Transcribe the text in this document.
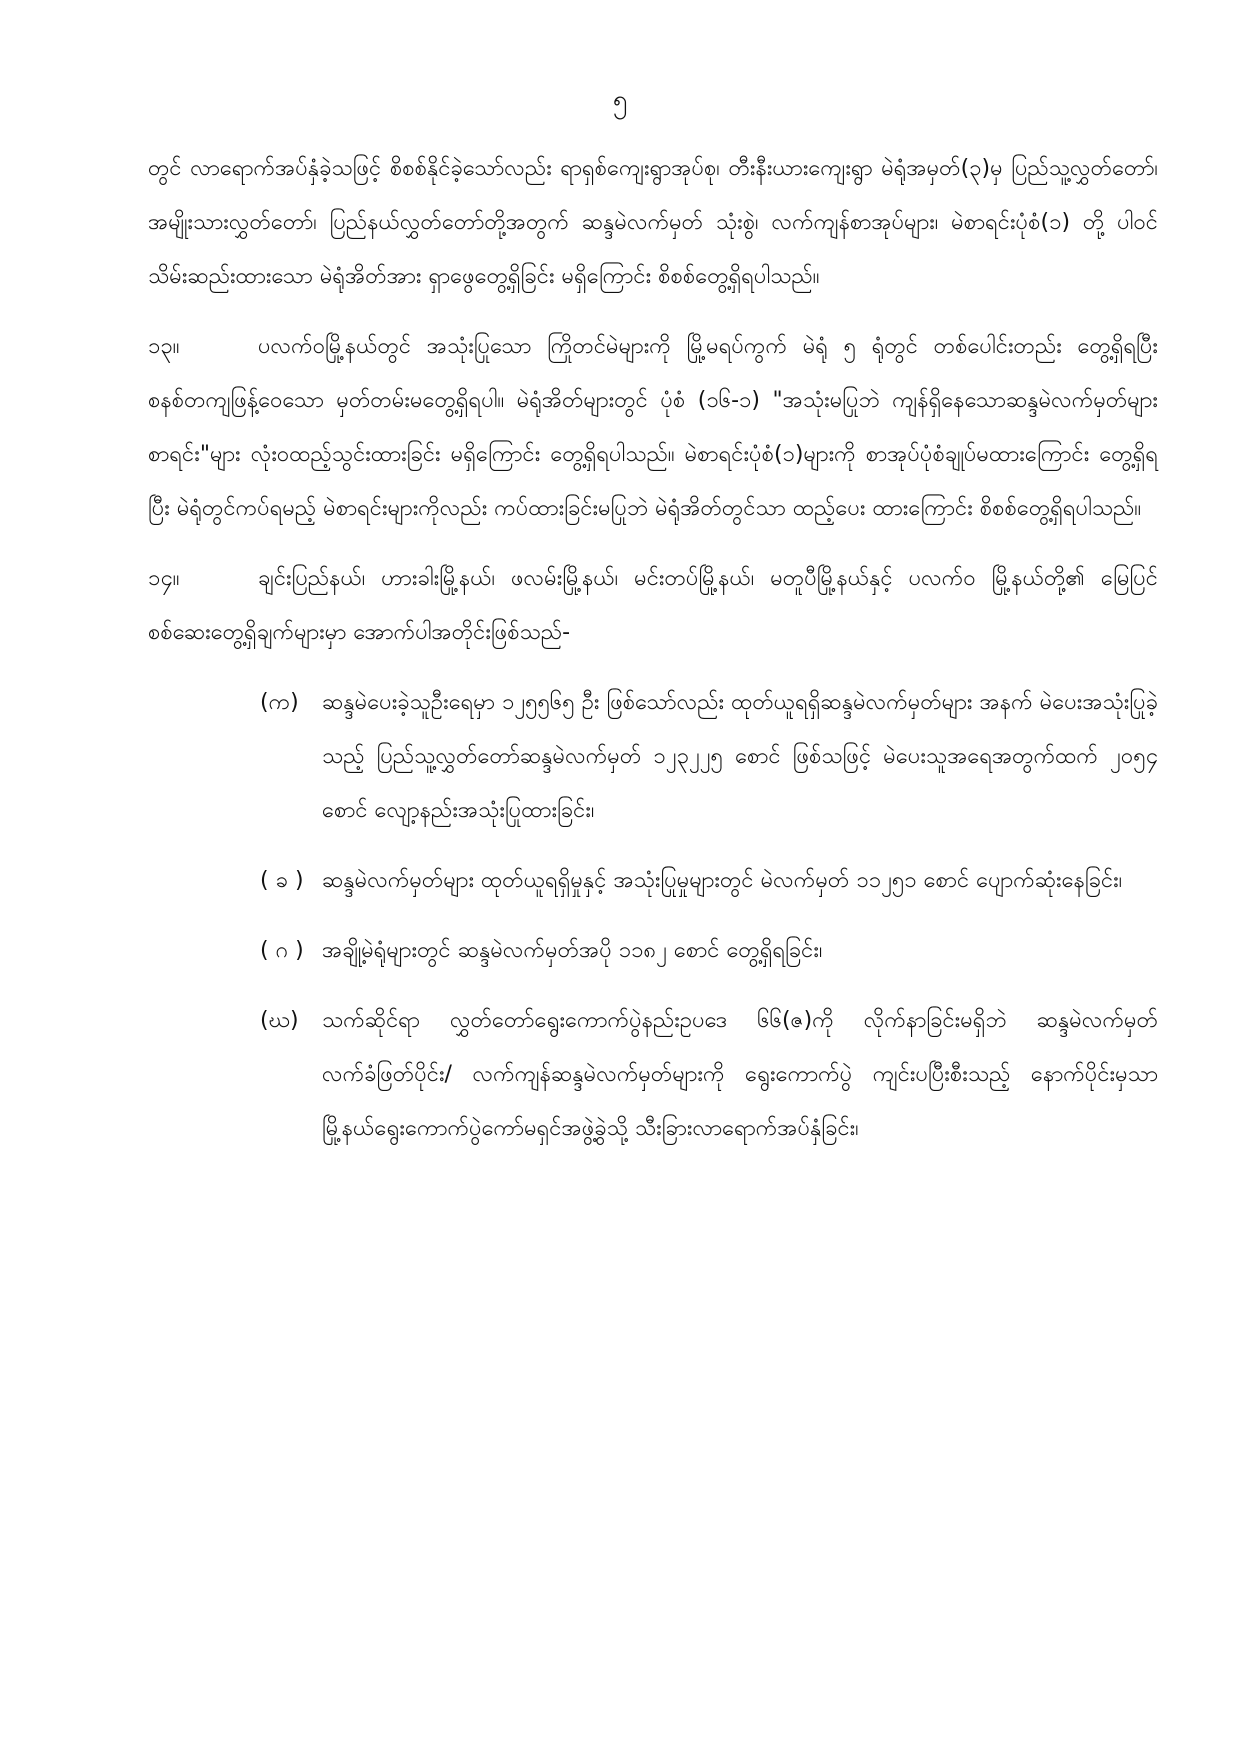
၅

တွင် လာရောက်အပ်နှံခဲ့သဖြင့် စိစစ်နိုင်ခဲ့သော်လည်း ရာရှစ်ကျေးရွာအုပ်စု၊ တီးနီးယားကျေးရွာ မဲရုံအမှတ်(၃)မှ ပြည်သူ့လွှတ်တော်၊ အမျိုးသားလွှတ်တော်၊ ပြည်နယ်လွှတ်တော်တို့အတွက် ဆန္ဒမဲလက်မှတ် သုံးစွဲ၊ လက်ကျန်စာအုပ်များ၊ မဲစာရင်းပုံစံ(၁) တို့ ပါဝင်သိမ်းဆည်းထားသော မဲရုံအိတ်အား ရှာဖွေတွေ့ရှိခြင်း မရှိကြောင်း စိစစ်တွေ့ရှိရပါသည်။

၁၃။	ပလက်ဝမြို့နယ်တွင် အသုံးပြုသော ကြိုတင်မဲများကို မြို့မရပ်ကွက် မဲရုံ ၅ ရုံတွင် တစ်ပေါင်းတည်း တွေ့ရှိရပြီး စနစ်တကျဖြန့်ဝေသော မှတ်တမ်းမတွေ့ရှိရပါ။ မဲရုံအိတ်များတွင် ပုံစံ (၁၆-၁) "အသုံးမပြုဘဲ ကျန်ရှိနေသောဆန္ဒမဲလက်မှတ်များစာရင်း"များ လုံးဝထည့်သွင်းထားခြင်း မရှိကြောင်း တွေ့ရှိရပါသည်။ မဲစာရင်းပုံစံ(၁)များကို စာအုပ်ပုံစံချုပ်မထားကြောင်း တွေ့ရှိရပြီး မဲရုံတွင်ကပ်ရမည့် မဲစာရင်းများကိုလည်း ကပ်ထားခြင်းမပြုဘဲ မဲရုံအိတ်တွင်သာ ထည့်ပေး ထားကြောင်း စိစစ်တွေ့ရှိရပါသည်။

၁၄။	ချင်းပြည်နယ်၊ ဟားခါးမြို့နယ်၊ ဖလမ်းမြို့နယ်၊ မင်းတပ်မြို့နယ်၊ မတူပီမြို့နယ်နှင့် ပလက်ဝ မြို့နယ်တို့၏ မြေပြင်စစ်ဆေးတွေ့ရှိချက်များမှာ အောက်ပါအတိုင်းဖြစ်သည်-

(က)	ဆန္ဒမဲပေးခဲ့သူဦးရေမှာ ၁၂၅၅၆၅ ဦး ဖြစ်သော်လည်း ထုတ်ယူရရှိဆန္ဒမဲလက်မှတ်များ အနက် မဲပေးအသုံးပြုခဲ့သည့် ပြည်သူ့လွှတ်တော်ဆန္ဒမဲလက်မှတ် ၁၂၃၂၂၅ စောင် ဖြစ်သဖြင့် မဲပေးသူအရေအတွက်ထက် ၂၀၅၄ စောင် လျော့နည်းအသုံးပြုထားခြင်း၊
( ခ ) ဆန္ဒမဲလက်မှတ်များ ထုတ်ယူရရှိမှုနှင့် အသုံးပြုမှုများတွင် မဲလက်မှတ် ၁၁၂၅၁ စောင် ပျောက်ဆုံးနေခြင်း၊
( ဂ ) အချို့မဲရုံများတွင် ဆန္ဒမဲလက်မှတ်အပို ၁၁၈၂ စောင် တွေ့ရှိရခြင်း၊
(ဃ)	သက်ဆိုင်ရာ လွှတ်တော်ရွေးကောက်ပွဲနည်းဥပဒေ ၆၆(ဇ)ကို လိုက်နာခြင်းမရှိဘဲ ဆန္ဒမဲလက်မှတ် လက်ခံဖြတ်ပိုင်း/ လက်ကျန်ဆန္ဒမဲလက်မှတ်များကို ရွေးကောက်ပွဲ ကျင်းပပြီးစီးသည့် နောက်ပိုင်းမှသာ မြို့နယ်ရွေးကောက်ပွဲကော်မရှင်အဖွဲ့ခွဲသို့ သီးခြားလာရောက်အပ်နှံခြင်း၊
